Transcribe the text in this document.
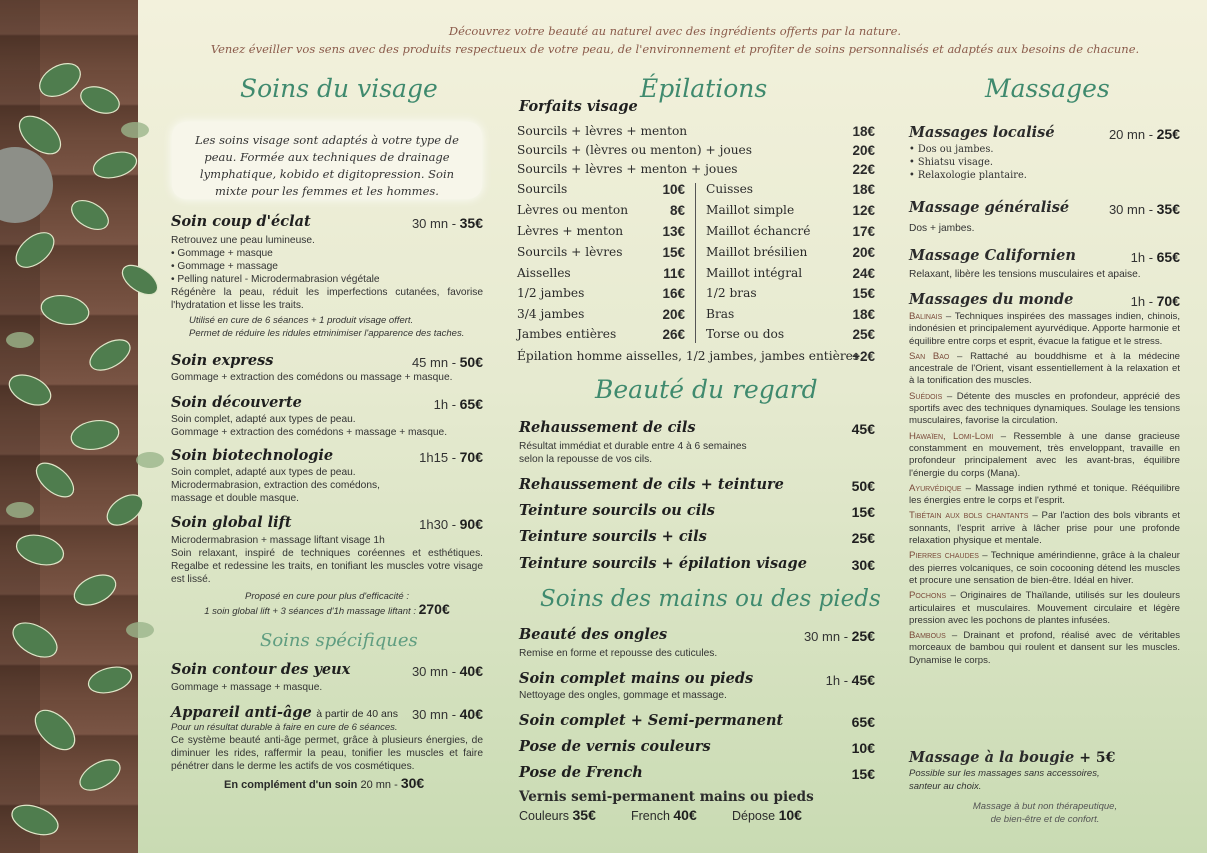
Découvrez votre beauté au naturel avec des ingrédients offerts par la nature.
Venez éveiller vos sens avec des produits respectueux de votre peau, de l'environnement et profiter de soins personnalisés et adaptés aux besoins de chacune.
Soins du visage
Les soins visage sont adaptés à votre type de peau. Formée aux techniques de drainage lymphatique, kobido et digitopression. Soin mixte pour les femmes et les hommes.
Soin coup d'éclat	30 mn - 35€
Retrouvez une peau lumineuse.
• Gommage + masque
• Gommage + massage
• Pelling naturel - Microdermabrasion végétale
Régénère la peau, réduit les imperfections cutanées, favorise l'hydratation et lisse les traits.
Utilisé en cure de 6 séances + 1 produit visage offert.
Permet de réduire les ridules etminimiser l'apparence des taches.
Soin express	45 mn - 50€
Gommage + extraction des comédons ou massage + masque.
Soin découverte	1h - 65€
Soin complet, adapté aux types de peau.
Gommage + extraction des comédons + massage + masque.
Soin biotechnologie	1h15 - 70€
Soin complet, adapté aux types de peau.
Microdermabrasion, extraction des comédons,
massage et double masque.
Soin global lift	1h30 - 90€
Microdermabrasion + massage liftant visage 1h
Soin relaxant, inspiré de techniques coréennes et esthétiques. Regalbe et redessine les traits, en tonifiant les muscles votre visage est lissé.
Proposé en cure pour plus d'efficacité :
1 soin global lift + 3 séances d'1h massage liftant : 270€
Soins spécifiques
Soin contour des yeux	30 mn - 40€
Gommage + massage + masque.
Appareil anti-âge à partir de 40 ans	30 mn - 40€
Pour un résultat durable à faire en cure de 6 séances.
Ce système beauté anti-âge permet, grâce à plusieurs énergies, de diminuer les rides, raffermir la peau, tonifier les muscles et faire pénétrer dans le derme les actifs de vos cosmétiques.
En complément d'un soin 20 mn - 30€
Épilations
Forfaits visage
Sourcils + lèvres + menton	18€
Sourcils + (lèvres ou menton) + joues	20€
Sourcils + lèvres + menton + joues	22€
Sourcils	10€
Lèvres ou menton	8€
Lèvres + menton	13€
Sourcils + lèvres	15€
Aisselles	11€
1/2 jambes	16€
3/4 jambes	20€
Jambes entières	26€
Cuisses	18€
Maillot simple	12€
Maillot échancré	17€
Maillot brésilien	20€
Maillot intégral	24€
1/2 bras	15€
Bras	18€
Torse ou dos	25€
Épilation homme aisselles, 1/2 jambes, jambes entières
+2€
Beauté du regard
Rehaussement de cils	45€
Résultat immédiat et durable entre 4 à 6 semaines
selon la repousse de vos cils.
Rehaussement de cils + teinture	50€
Teinture sourcils ou cils	15€
Teinture sourcils + cils	25€
Teinture sourcils + épilation visage	30€
Soins des mains ou des pieds
Beauté des ongles	30 mn - 25€
Remise en forme et repousse des cuticules.
Soin complet mains ou pieds	1h - 45€
Nettoyage des ongles, gommage et massage.
Soin complet + Semi-permanent	65€
Pose de vernis couleurs	10€
Pose de French	15€
Vernis semi-permanent mains ou pieds
Couleurs 35€	French 40€	Dépose 10€
Massages
Massages localisé	20 mn - 25€
• Dos ou jambes.
• Shiatsu visage.
• Relaxologie plantaire.
Massage généralisé	30 mn - 35€
Dos + jambes.
Massage Californien	1h - 65€
Relaxant, libère les tensions musculaires et apaise.
Massages du monde	1h - 70€
Balinais – Techniques inspirées des massages indien, chinois, indonésien et principalement ayurvédique. Apporte harmonie et équilibre entre corps et esprit, évacue la fatigue et le stress.
San Bao – Rattaché au bouddhisme et à la médecine ancestrale de l'Orient, visant essentiellement à la relaxation et à la tonification des muscles.
Suédois – Détente des muscles en profondeur, apprécié des sportifs avec des techniques dynamiques. Soulage les tensions musculaires, favorise la circulation.
Hawaïen, Lomi-Lomi – Ressemble à une danse gracieuse constamment en mouvement, très enveloppant, travaille en profondeur principalement avec les avant-bras, équilibre l'énergie du corps (Mana).
Ayurvédique – Massage indien rythmé et tonique. Rééquilibre les énergies entre le corps et l'esprit.
Tibétain aux bols chantants – Par l'action des bols vibrants et sonnants, l'esprit arrive à lâcher prise pour une profonde relaxation physique et mentale.
Pierres chaudes – Technique amérindienne, grâce à la chaleur des pierres volcaniques, ce soin cocooning détend les muscles et procure une sensation de bien-être. Idéal en hiver.
Pochons – Originaires de Thaïlande, utilisés sur les douleurs articulaires et musculaires. Mouvement circulaire et légère pression avec les pochons de plantes infusées.
Bambous – Drainant et profond, réalisé avec de véritables morceaux de bambou qui roulent et dansent sur les muscles. Dynamise le corps.
Massage à la bougie + 5€
Possible sur les massages sans accessoires,
santeur au choix.
Massage à but non thérapeutique,
de bien-être et de confort.
